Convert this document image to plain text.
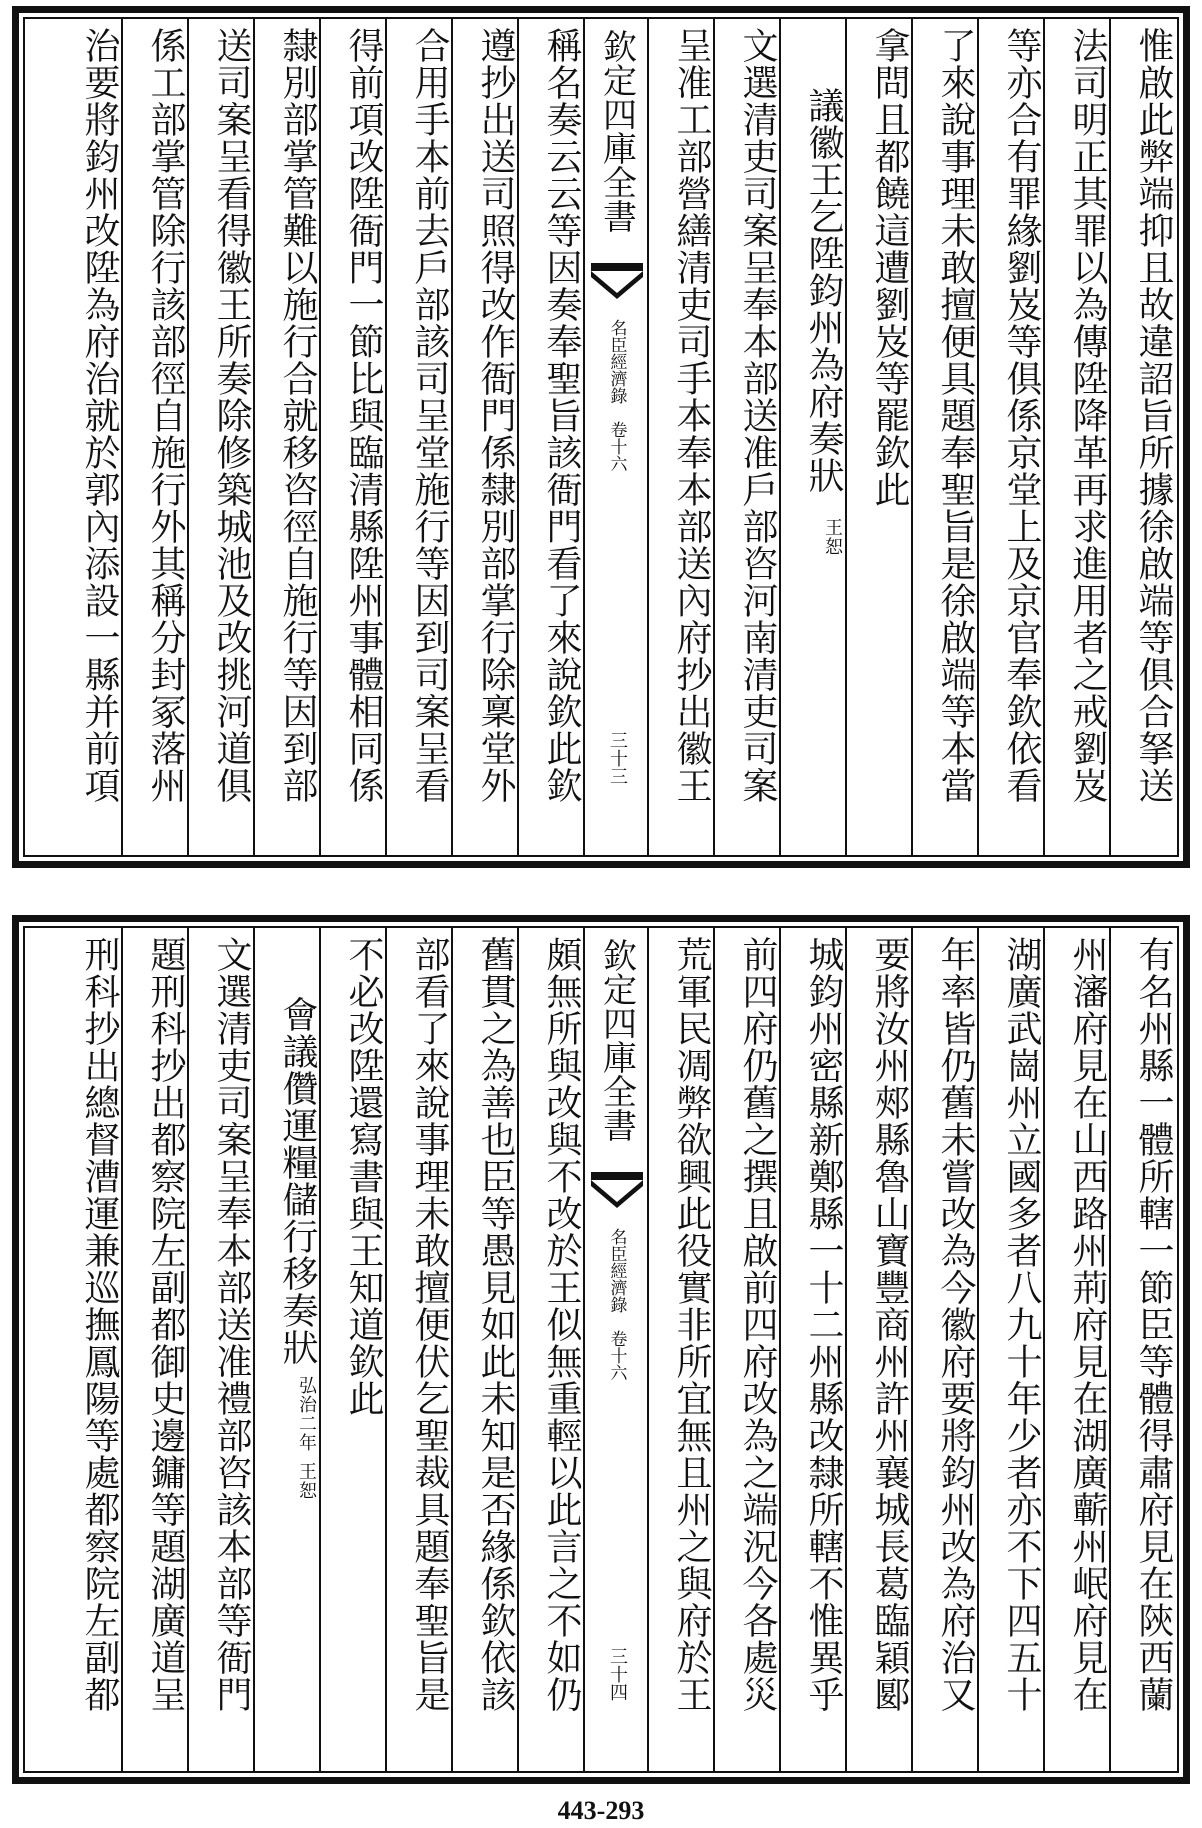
惟啟此弊端抑且故違詔旨所據徐啟端等俱合拏送
法司明正其罪以為傳陞降革再求進用者之戒劉岌
等亦合有罪緣劉岌等俱係京堂上及京官奉欽依看
了來說事理未敢擅便具題奉聖旨是徐啟端等本當
拿問且都饒這遭劉岌等罷欽此
議徽王乞陞鈞州為府奏狀
王恕
文選清吏司案呈奉本部送准戶部咨河南清吏司案
呈准工部營繕清吏司手本奉本部送內府抄出徽王
欽定四庫全書
名臣經濟錄　卷十六
三十三
稱名奏云云等因奏奉聖旨該衙門看了來說欽此欽
遵抄出送司照得改作衙門係隸別部掌行除稟堂外
合用手本前去戶部該司呈堂施行等因到司案呈看
得前項改陞衙門一節比與臨清縣陞州事體相同係
隸別部掌管難以施行合就移咨徑自施行等因到部
送司案呈看得徽王所奏除修築城池及改挑河道俱
係工部掌管除行該部徑自施行外其稱分封冢落州
治要將鈞州改陞為府治就於郭內添設一縣并前項
有名州縣一體所轄一節臣等體得肅府見在陝西蘭
州瀋府見在山西路州荊府見在湖廣蘄州岷府見在
湖廣武崗州立國多者八九十年少者亦不下四五十
年率皆仍舊未嘗改為今徽府要將鈞州改為府治又
要將汝州郟縣魯山寶豐商州許州襄城長葛臨穎郾
城鈞州密縣新鄭縣一十二州縣改隸所轄不惟異乎
前四府仍舊之撰且啟前四府改為之端況今各處災
荒軍民凋弊欲興此役實非所宜無且州之與府於王
欽定四庫全書
名臣經濟錄　卷十六
三十四
頗無所與改與不改於王似無重輕以此言之不如仍
舊貫之為善也臣等愚見如此未知是否緣係欽依該
部看了來說事理未敢擅便伏乞聖裁具題奉聖旨是
不必改陞還寫書與王知道欽此
會議儹運糧儲行移奏狀
弘治二年
王恕
文選清吏司案呈奉本部送准禮部咨該本部等衙門
題刑科抄出都察院左副都御史邊鏞等題湖廣道呈
刑科抄出總督漕運兼巡撫鳳陽等處都察院左副都
443-293
